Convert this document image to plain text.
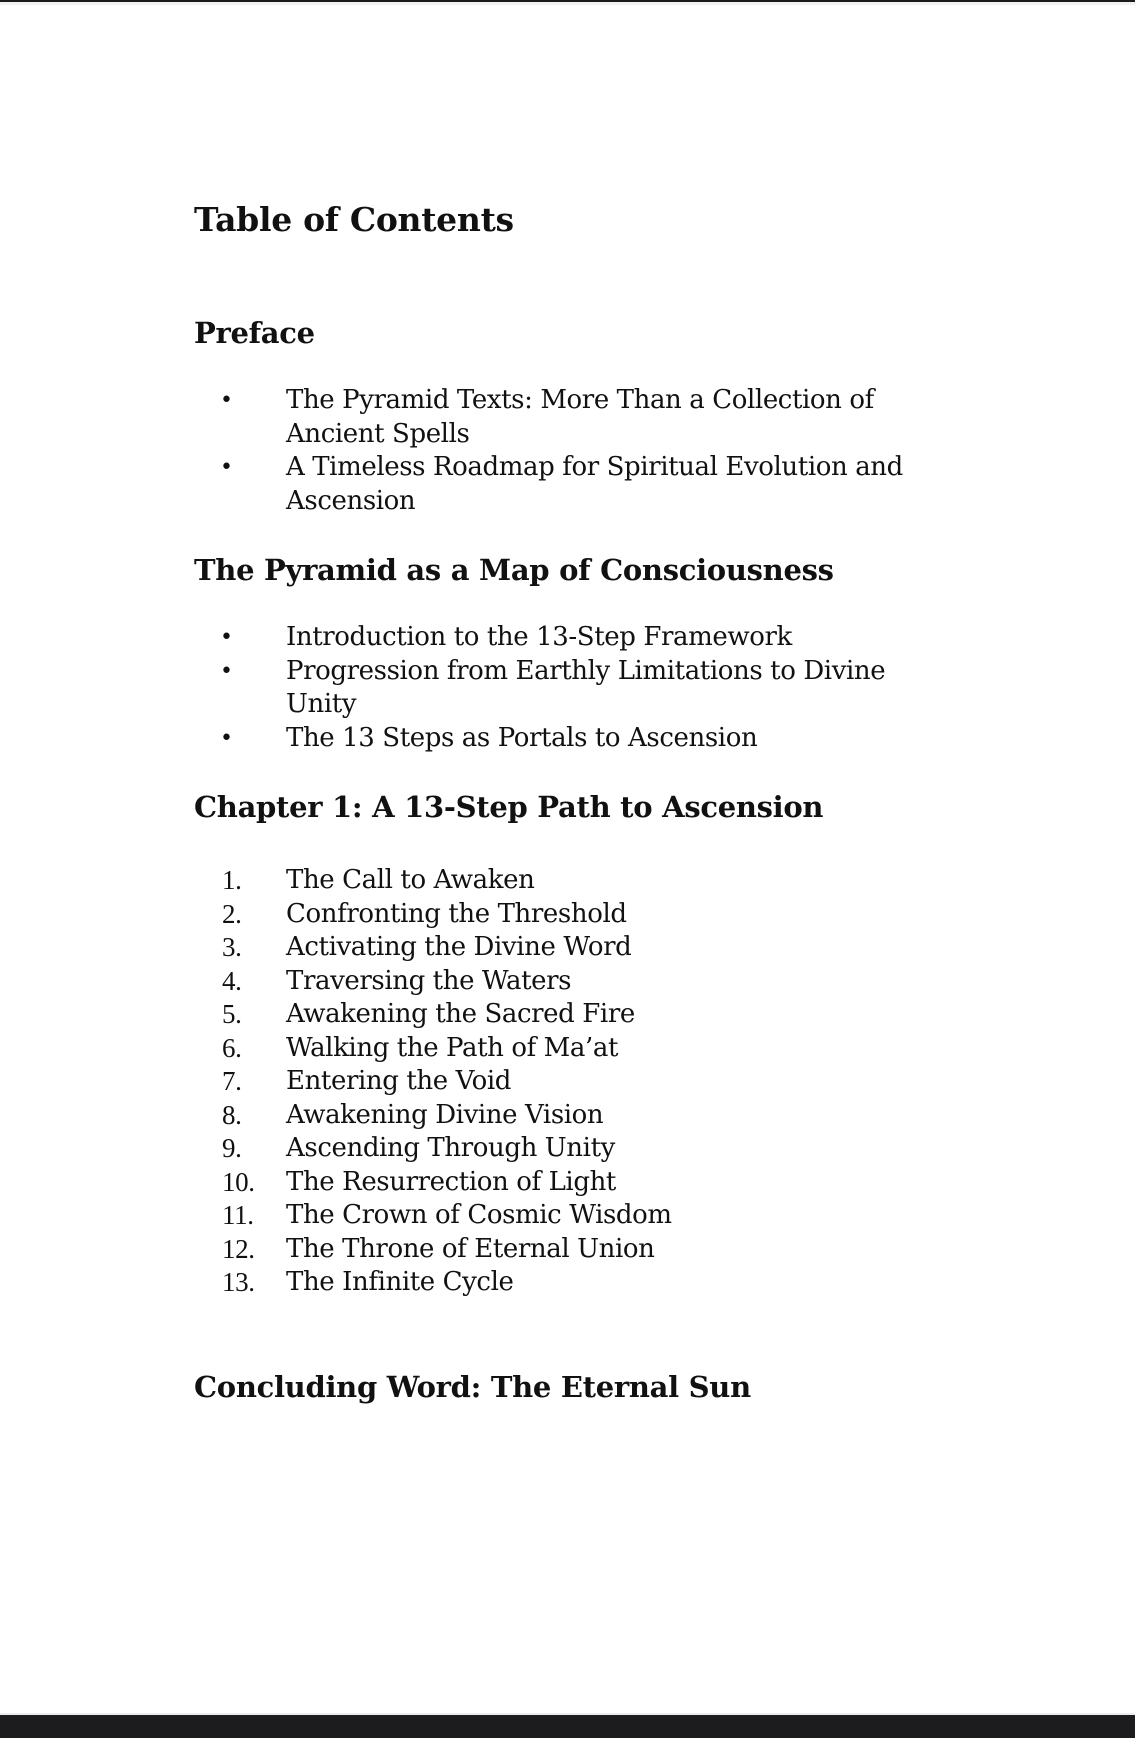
Table of Contents
Preface
• The Pyramid Texts: More Than a Collection of Ancient Spells
• A Timeless Roadmap for Spiritual Evolution and Ascension
The Pyramid as a Map of Consciousness
• Introduction to the 13-Step Framework
• Progression from Earthly Limitations to Divine Unity
• The 13 Steps as Portals to Ascension
Chapter 1: A 13-Step Path to Ascension
1. The Call to Awaken
2. Confronting the Threshold
3. Activating the Divine Word
4. Traversing the Waters
5. Awakening the Sacred Fire
6. Walking the Path of Ma’at
7. Entering the Void
8. Awakening Divine Vision
9. Ascending Through Unity
10. The Resurrection of Light
11. The Crown of Cosmic Wisdom
12. The Throne of Eternal Union
13. The Infinite Cycle
Concluding Word: The Eternal Sun
